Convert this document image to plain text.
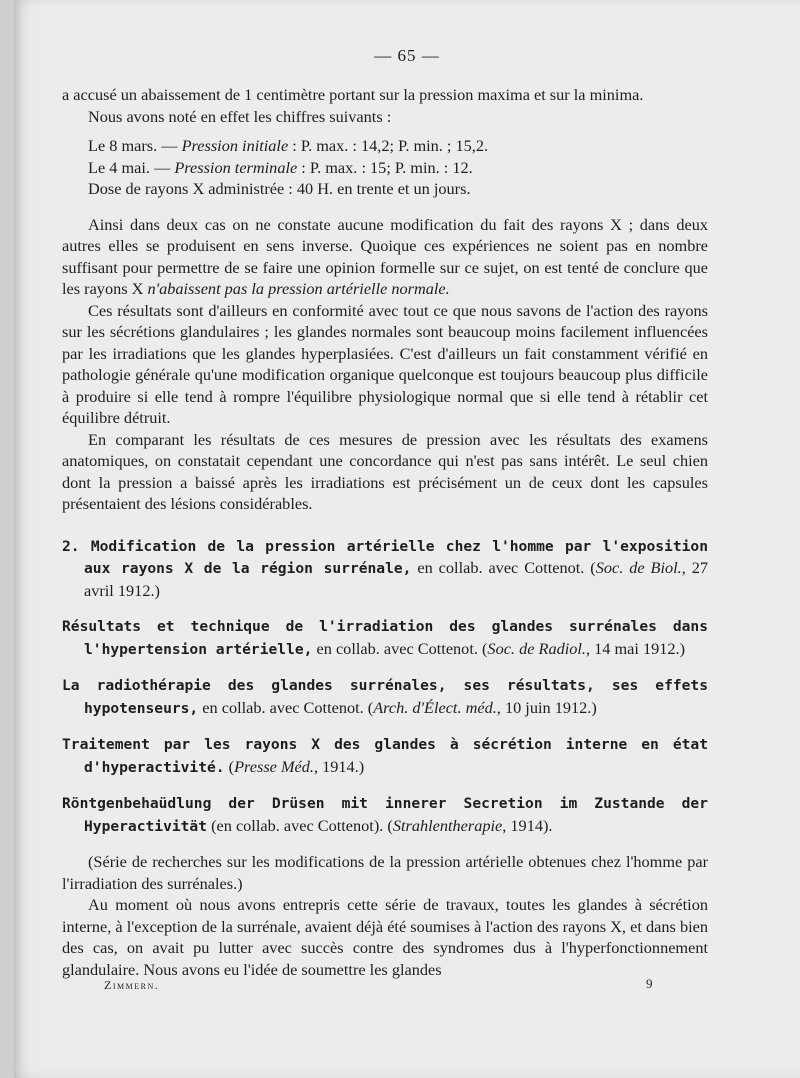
— 65 —

a accusé un abaissement de 1 centimètre portant sur la pression maxima et sur la minima.

Nous avons noté en effet les chiffres suivants :

Le 8 mars. — Pression initiale : P. max. : 14,2; P. min. ; 15,2.

Le 4 mai. — Pression terminale : P. max. : 15; P. min. : 12.

Dose de rayons X administrée : 40 H. en trente et un jours.

Ainsi dans deux cas on ne constate aucune modification du fait des rayons X ; dans deux autres elles se produisent en sens inverse. Quoique ces expériences ne soient pas en nombre suffisant pour permettre de se faire une opinion formelle sur ce sujet, on est tenté de conclure que les rayons X n'abaissent pas la pression artérielle normale.

Ces résultats sont d'ailleurs en conformité avec tout ce que nous savons de l'action des rayons sur les sécrétions glandulaires ; les glandes normales sont beaucoup moins facilement influencées par les irradiations que les glandes hyperplasiées. C'est d'ailleurs un fait constamment vérifié en pathologie générale qu'une modification organique quelconque est toujours beaucoup plus difficile à produire si elle tend à rompre l'équilibre physiologique normal que si elle tend à rétablir cet équilibre détruit.

En comparant les résultats de ces mesures de pression avec les résultats des examens anatomiques, on constatait cependant une concordance qui n'est pas sans intérêt. Le seul chien dont la pression a baissé après les irradiations est précisément un de ceux dont les capsules présentaient des lésions considérables.

2. Modification de la pression artérielle chez l'homme par l'exposition aux rayons X de la région surrénale, en collab. avec Cottenot. (Soc. de Biol., 27 avril 1912.)

Résultats et technique de l'irradiation des glandes surrénales dans l'hypertension artérielle, en collab. avec Cottenot. (Soc. de Radiol., 14 mai 1912.)

La radiothérapie des glandes surrénales, ses résultats, ses effets hypotenseurs, en collab. avec Cottenot. (Arch. d'Élect. méd., 10 juin 1912.)

Traitement par les rayons X des glandes à sécrétion interne en état d'hyperactivité. (Presse Méd., 1914.)

Röntgenbehaüdlung der Drüsen mit innerer Secretion im Zustande der Hyperactivität (en collab. avec Cottenot). (Strahlentherapie, 1914).

(Série de recherches sur les modifications de la pression artérielle obtenues chez l'homme par l'irradiation des surrénales.)

Au moment où nous avons entrepris cette série de travaux, toutes les glandes à sécrétion interne, à l'exception de la surrénale, avaient déjà été soumises à l'action des rayons X, et dans bien des cas, on avait pu lutter avec succès contre des syndromes dus à l'hyperfonctionnement glandulaire. Nous avons eu l'idée de soumettre les glandes

Zimmern.	9
